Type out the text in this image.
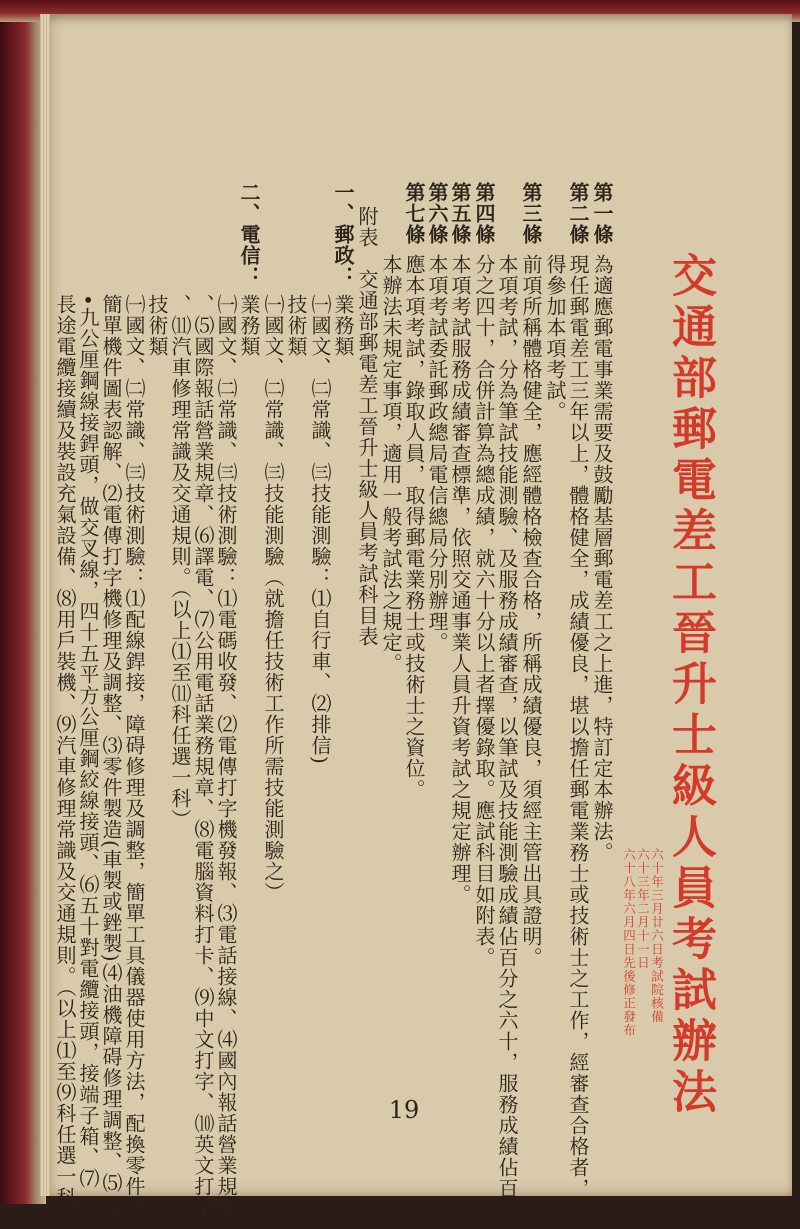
交通部郵電差工晉升士級人員考試辦法
六十年三月廿六日考試院核備
六十三年二月十一日
六十八年六月四日先後修正發布
第一條
為適應郵電事業需要及鼓勵基層郵電差工之上進，特訂定本辦法。
第二條
現任郵電差工三年以上，體格健全，成績優良，堪以擔任郵電業務士或技術士之工作，經審查合格者，
得參加本項考試。
第三條
前項所稱體格健全，應經體格檢查合格，所稱成績優良，須經主管出具證明。
本項考試，分為筆試技能測驗、及服務成績審查，以筆試及技能測驗成績佔百分之六十，服務成績佔百
分之四十，合併計算為總成績，就六十分以上者擇優錄取。應試科目如附表。
第四條
本項考試服務成績審查標準，依照交通事業人員升資考試之規定辦理。
第五條
本項考試委託郵政總局電信總局分別辦理。
第六條
應本項考試，錄取人員，取得郵電業務士或技術士之資位。
第七條
本辦法未規定事項，適用一般考試法之規定。
附表　交通部郵電差工晉升士級人員考試科目表
一、郵政：
業務類
㈠國文、㈡常識、㈢技能測驗：⑴自行車、⑵排信)
技術類
㈠國文、㈡常識、㈢技能測驗（就擔任技術工作所需技能測驗之）
二、電信：
業務類
㈠國文、㈡常識、㈢技術測驗：⑴電碼收發、⑵電傳打字機發報、⑶電話接線、⑷國內報話營業規章
、⑸國際報話營業規章、⑹譯電、⑺公用電話業務規章、⑻電腦資料打卡、⑼中文打字、⑽英文打字
、⑾汽車修理常識及交通規則。（以上⑴至⑾科任選一科）
技術類
㈠國文、㈡常識、㈢技術測驗：⑴配線銲接，障碍修理及調整，簡單工具儀器使用方法，配換零件，
簡單機件圖表認解、⑵電傳打字機修理及調整、⑶零件製造(車製或銼製)⑷油機障碍修理調整、⑸二
•九公厘鋼線接銲頭，做交叉線，四十五平方公厘鋼絞線接頭、⑹五十對電纜接頭，接端子箱、⑺
長途電纜接續及裝設充氣設備、⑻用戶裝機、⑼汽車修理常識及交通規則。（以上⑴至⑼科任選一科）	19
